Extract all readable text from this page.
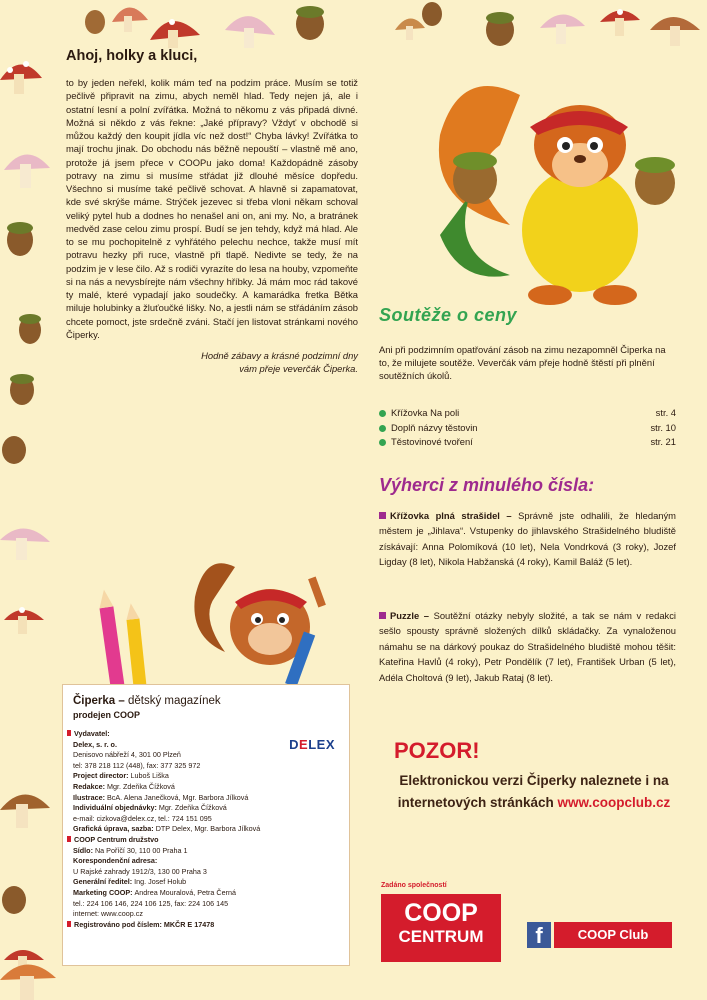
Ahoj, holky a kluci,

to by jeden neřekl, kolik mám teď na podzim práce. Musím se totiž pečlivě připravit na zimu, abych neměl hlad. Tedy nejen já, ale i ostatní lesní a polní zvířátka. Možná to někomu z vás připadá divné. Možná si někdo z vás řekne: „Jaké přípravy? Vždyť v obchodě si můžou každý den koupit jídla víc než dost!“ Chyba lávky! Zvířátka to mají trochu jinak. Do obchodu nás běžně nepouští – vlastně mě ano, protože já jsem přece v COOPu jako doma! Každopádně zásoby potravy na zimu si musíme střádat již dlouhé měsíce dopředu. Všechno si musíme také pečlivě schovat. A hlavně si zapamatovat, kde své skrýše máme. Strýček jezevec si třeba vloni někam schoval veliký pytel hub a dodnes ho nenašel ani on, ani my. No, a bratránek medvěd zase celou zimu prospí. Budí se jen tehdy, když má hlad. Ale to se mu pochopitelně z vyhřátého pelechu nechce, takže musí mít potravu hezky při ruce, vlastně při tlapě. Nedivte se tedy, že na podzim je v lese čilo. Až s rodiči vyrazíte do lesa na houby, vzpomeňte si na nás a nevysbírejte nám všechny hříbky. Já mám moc rád takové ty malé, které vypadají jako soudečky. A kamarádka fretka Bětka miluje holubinky a žluťoučké lišky. No, a jestli nám se střádáním zásob chcete pomoct, jste srdečně zváni. Stačí jen listovat stránkami nového Čiperky.

Hodně zábavy a krásné podzimní dny
vám přeje veverčák Čiperka.

Čiperka – dětský magazínek
prodejen COOP
DELEX
Vydavatel:
Delex, s. r. o.
Denisovo nábřeží 4, 301 00 Plzeň
tel: 378 218 112 (448), fax: 377 325 972
Project director: Luboš Liška
Redakce: Mgr. Zdeňka Čížková
Ilustrace: BcA. Alena Janečková, Mgr. Barbora Jílková
Individuální objednávky: Mgr. Zdeňka Čížková
e-mail: cizkova@delex.cz, tel.: 724 151 095
Grafická úprava, sazba: DTP Delex, Mgr. Barbora Jílková
COOP Centrum družstvo
Sídlo: Na Poříčí 30, 110 00 Praha 1
Korespondenční adresa:
U Rajské zahrady 1912/3, 130 00 Praha 3
Generální ředitel: Ing. Josef Holub
Marketing COOP: Andrea Mouralová, Petra Černá
tel.: 224 106 146, 224 106 125, fax: 224 106 145
internet: www.coop.cz
Registrováno pod číslem: MKČR E 17478
Soutěže o ceny

Ani při podzimním opatřování zásob na zimu nezapomněl Čiperka na to, že milujete soutěže. Veverčák vám přeje hodně štěstí při plnění soutěžních úkolů.

Křížovka Na poli	str. 4
Doplň názvy těstovin	str. 10
Těstovinové tvoření	str. 21
Výherci z minulého čísla:

Křížovka plná strašidel – Správně jste odhalili, že hledaným městem je „Jihlava“. Vstupenky do jihlavského Strašidelného bludiště získávají: Anna Polomíková (10 let), Nela Vondrková (3 roky), Jozef Ligday (8 let), Nikola Habžanská (4 roky), Kamil Baláž (5 let).

Puzzle – Soutěžní otázky nebyly složité, a tak se nám v redakci sešlo spousty správně složených dílků skládačky. Za vynaloženou námahu se na dárkový poukaz do Strašidelného bludiště mohou těšit: Kateřina Havlů (4 roky), Petr Pondělík (7 let), František Urban (5 let), Adéla Choltová (9 let), Jakub Rataj (8 let).

POZOR!

Elektronickou verzi Čiperky naleznete i na internetových stránkách www.coopclub.cz

Zadáno společností
COOP
CENTRUM	f	COOP Club
